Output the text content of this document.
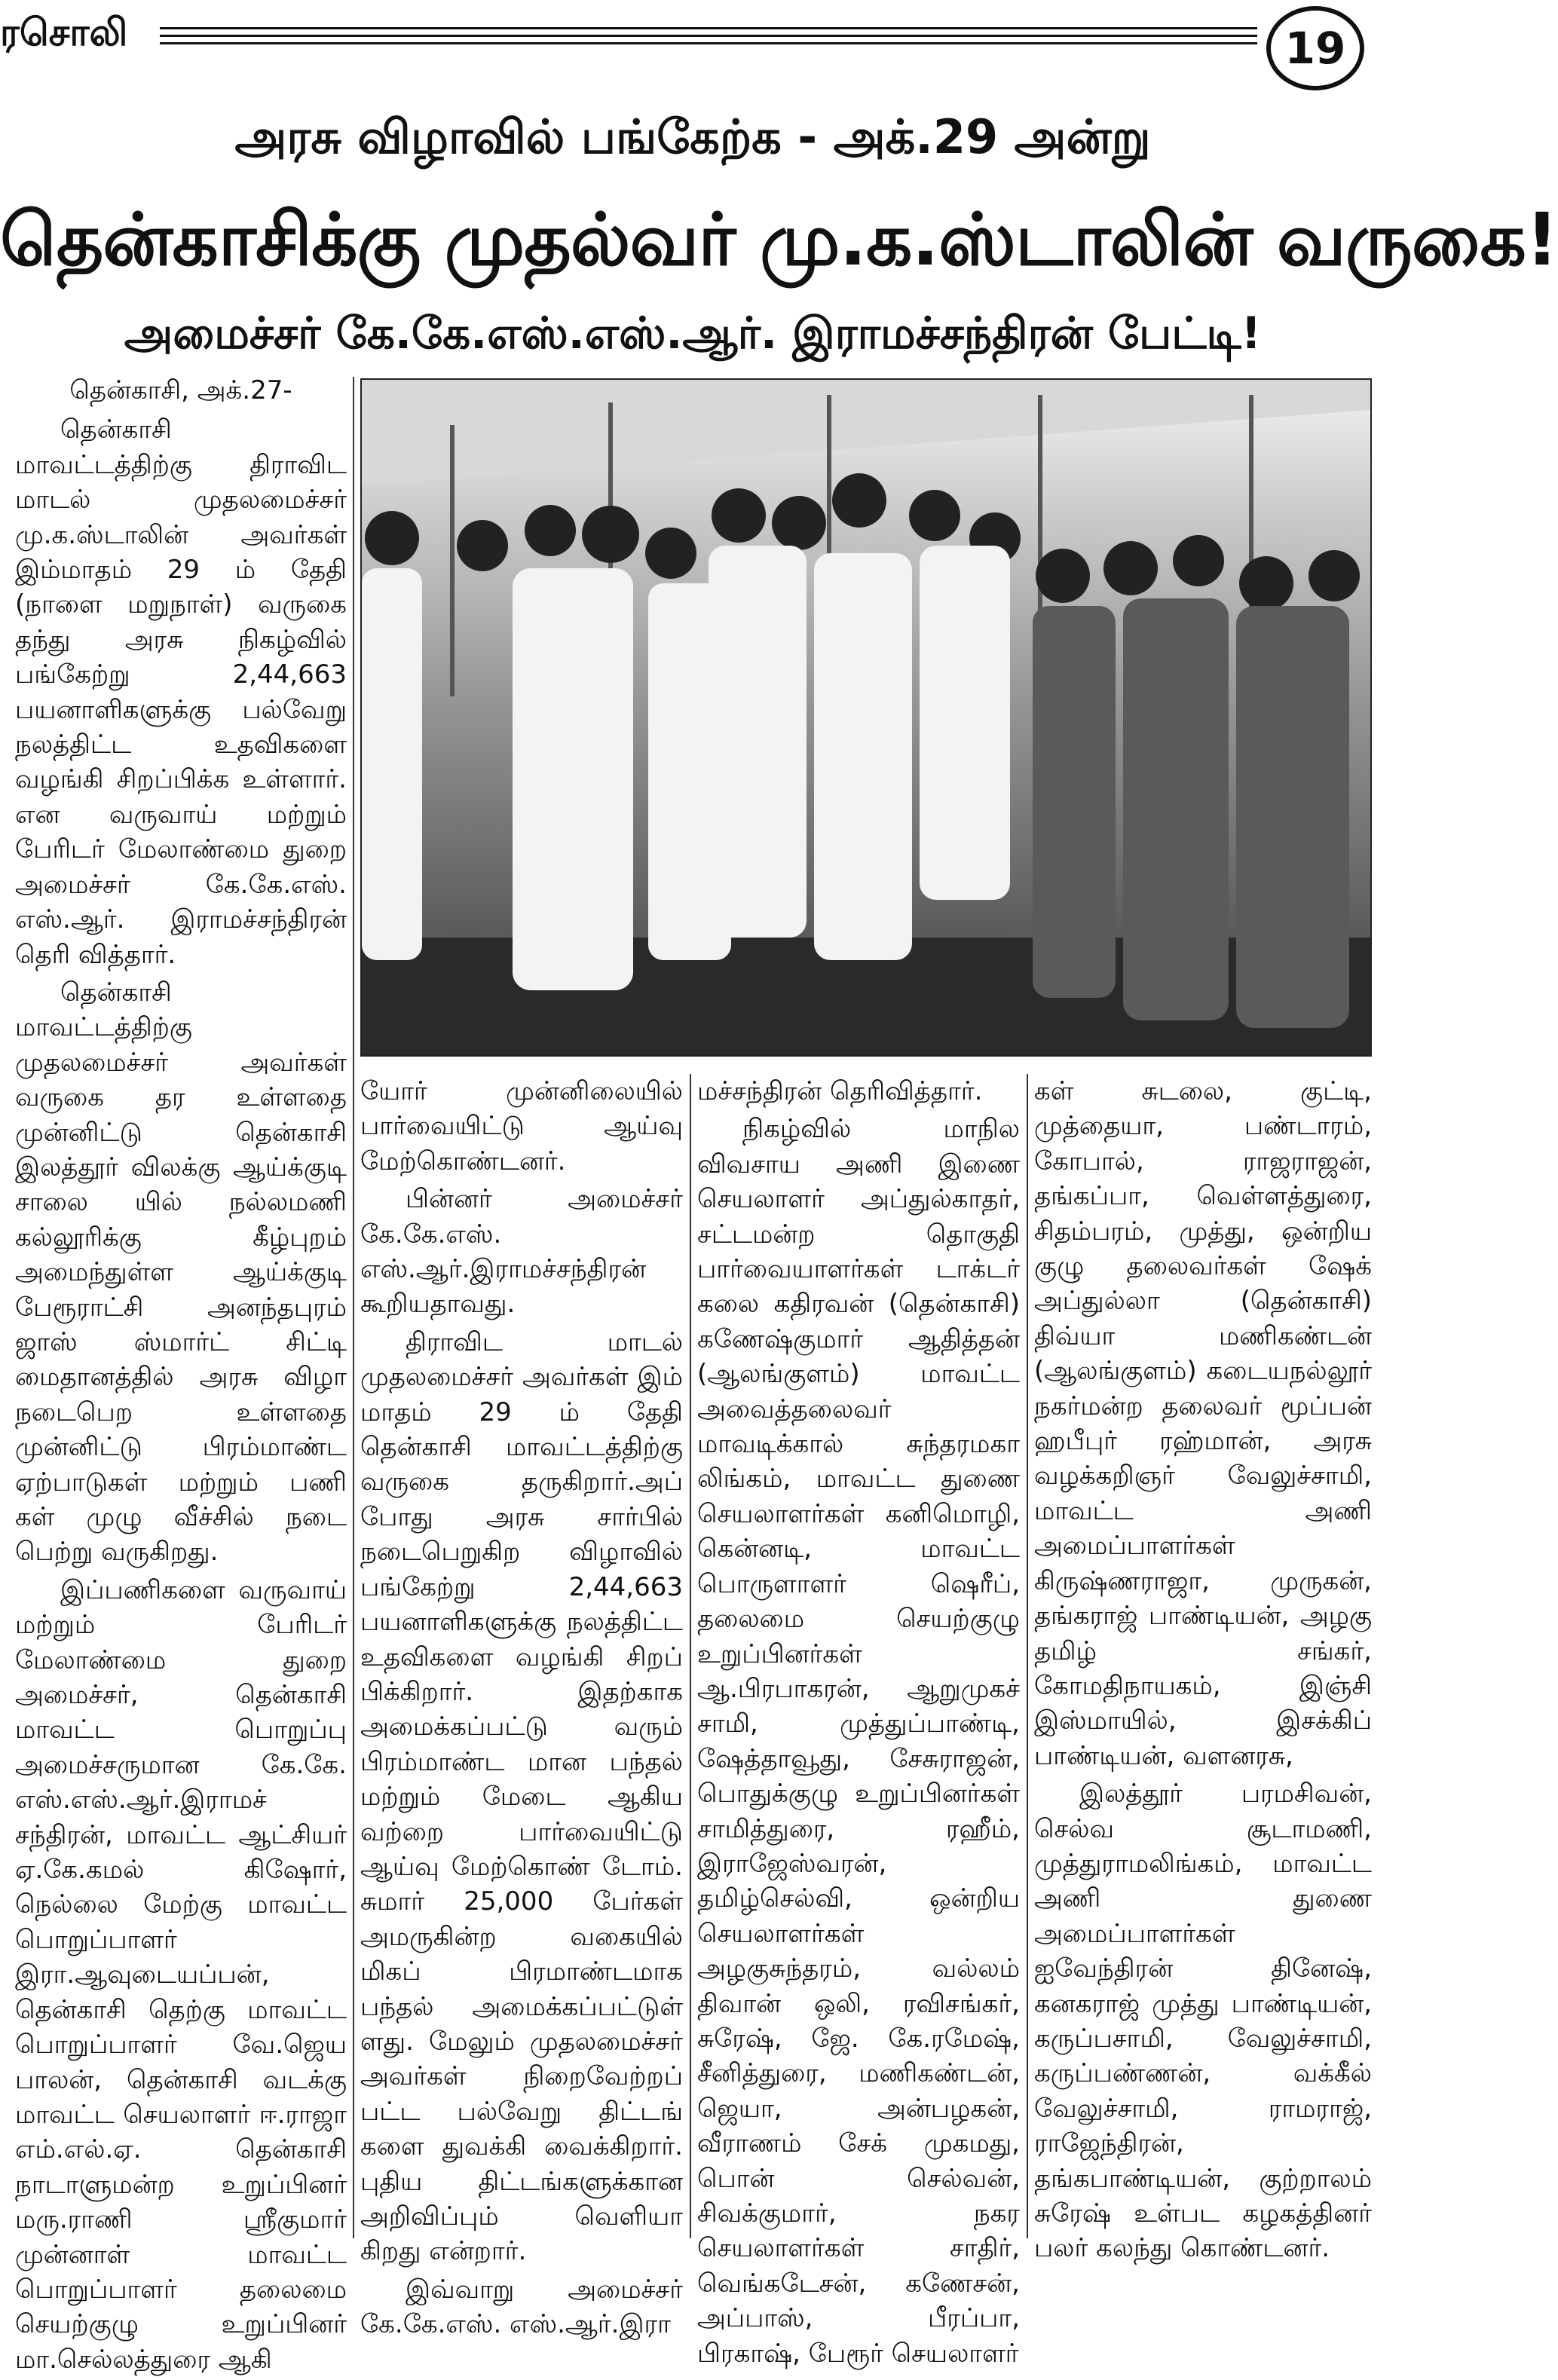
ரசொலி	19
அரசு விழாவில் பங்கேற்க - அக்.29 அன்று
தென்காசிக்கு முதல்வர் மு.க.ஸ்டாலின் வருகை!
அமைச்சர் கே.கே.எஸ்.எஸ்.ஆர். இராமச்சந்திரன் பேட்டி!
தென்காசி, அக்.27-

தென்காசி மாவட்டத்திற்கு திராவிட மாடல் முதலமைச்சர் மு.க.ஸ்டாலின் அவர்கள் இம்மாதம் 29 ம் தேதி (நாளை மறுநாள்) வருகை தந்து அரசு நிகழ்வில் பங்கேற்று 2,44,663 பயனாளிகளுக்கு பல்வேறு நலத்திட்ட உதவிகளை வழங்கி சிறப்பிக்க உள்ளார். என வருவாய் மற்றும் பேரிடர் மேலாண்மை துறை அமைச்சர் கே.கே.எஸ். எஸ்.ஆர். இராமச்சந்திரன் தெரி வித்தார்.

தென்காசி மாவட்டத்திற்கு முதலமைச்சர் அவர்கள் வருகை தர உள்ளதை முன்னிட்டு தென்காசி இலத்தூர் விலக்கு ஆய்க்குடி சாலை யில் நல்லமணி கல்லூரிக்கு கீழ்புறம் அமைந்துள்ள ஆய்க்குடி பேரூராட்சி அனந்தபுரம் ஜாஸ் ஸ்மார்ட் சிட்டி மைதானத்தில் அரசு விழா நடைபெற உள்ளதை முன்னிட்டு பிரம்மாண்ட ஏற்பாடுகள் மற்றும் பணி கள் முழு வீச்சில் நடை பெற்று வருகிறது.

இப்பணிகளை வருவாய் மற்றும் பேரிடர் மேலாண்மை துறை அமைச்சர், தென்காசி மாவட்ட பொறுப்பு அமைச்சருமான கே.கே. எஸ்.எஸ்.ஆர்.இராமச் சந்திரன், மாவட்ட ஆட்சியர் ஏ.கே.கமல் கிஷோர், நெல்லை மேற்கு மாவட்ட பொறுப்பாளர் இரா.ஆவுடையப்பன், தென்காசி தெற்கு மாவட்ட பொறுப்பாளர் வே.ஜெய பாலன், தென்காசி வடக்கு மாவட்ட செயலாளர் ஈ.ராஜா எம்.எல்.ஏ. தென்காசி நாடாளுமன்ற உறுப்பினர் மரு.ராணி ஸ்ரீகுமார் முன்னாள் மாவட்ட பொறுப்பாளர் தலைமை செயற்குழு உறுப்பினர் மா.செல்லத்துரை ஆகி

யோர் முன்னிலையில் பார்வையிட்டு ஆய்வு மேற்கொண்டனர்.

பின்னர் அமைச்சர் கே.கே.எஸ். எஸ்.ஆர்.இராமச்சந்திரன் கூறியதாவது.

திராவிட மாடல் முதலமைச்சர் அவர்கள் இம் மாதம் 29 ம் தேதி தென்காசி மாவட்டத்திற்கு வருகை தருகிறார்.அப் போது அரசு சார்பில் நடைபெறுகிற விழாவில் பங்கேற்று 2,44,663 பயனாளிகளுக்கு நலத்திட்ட உதவிகளை வழங்கி சிறப் பிக்கிறார். இதற்காக அமைக்கப்பட்டு வரும் பிரம்மாண்ட மான பந்தல் மற்றும் மேடை ஆகிய வற்றை பார்வையிட்டு ஆய்வு மேற்கொண் டோம். சுமார் 25,000 பேர்கள் அமருகின்ற வகையில் மிகப் பிரமாண்டமாக பந்தல் அமைக்கப்பட்டுள் ளது. மேலும் முதலமைச்சர் அவர்கள் நிறைவேற்றப் பட்ட பல்வேறு திட்டங் களை துவக்கி வைக்கிறார். புதிய திட்டங்களுக்கான அறிவிப்பும் வெளியா கிறது என்றார்.

இவ்வாறு அமைச்சர் கே.கே.எஸ். எஸ்.ஆர்.இரா

மச்சந்திரன் தெரிவித்தார்.

நிகழ்வில் மாநில விவசாய அணி இணை செயலாளர் அப்துல்காதர், சட்டமன்ற தொகுதி பார்வையாளர்கள் டாக்டர் கலை கதிரவன் (தென்காசி) கணேஷ்குமார் ஆதித்தன் (ஆலங்குளம்) மாவட்ட அவைத்தலைவர் மாவடிக்கால் சுந்தரமகா லிங்கம், மாவட்ட துணை செயலாளர்கள் கனிமொழி, கென்னடி, மாவட்ட பொருளாளர் ஷெரீப், தலைமை செயற்குழு உறுப்பினர்கள் ஆ.பிரபாகரன், ஆறுமுகச் சாமி, முத்துப்பாண்டி, ஷேத்தாவூது, சேசுராஜன், பொதுக்குழு உறுப்பினர்கள் சாமித்துரை, ரஹீம், இராஜேஸ்வரன், தமிழ்செல்வி, ஒன்றிய செயலாளர்கள் அழகுசுந்தரம், வல்லம் திவான் ஒலி, ரவிசங்கர், சுரேஷ், ஜே. கே.ரமேஷ், சீனித்துரை, மணிகண்டன், ஜெயா, அன்பழகன், வீராணம் சேக் முகமது, பொன் செல்வன், சிவக்குமார், நகர செயலாளர்கள் சாதிர், வெங்கடேசன், கணேசன், அப்பாஸ், பீரப்பா, பிரகாஷ், பேரூர் செயலாளர்

கள் சுடலை, குட்டி, முத்தையா, பண்டாரம், கோபால், ராஜராஜன், தங்கப்பா, வெள்ளத்துரை, சிதம்பரம், முத்து, ஒன்றிய குழு தலைவர்கள் ஷேக் அப்துல்லா (தென்காசி) திவ்யா மணிகண்டன் (ஆலங்குளம்) கடையநல்லூர் நகர்மன்ற தலைவர் மூப்பன் ஹபீபுர் ரஹ்மான், அரசு வழக்கறிஞர் வேலுச்சாமி, மாவட்ட அணி அமைப்பாளர்கள் கிருஷ்ணராஜா, முருகன், தங்கராஜ் பாண்டியன், அழகு தமிழ் சங்கர், கோமதிநாயகம், இஞ்சி இஸ்மாயில், இசக்கிப் பாண்டியன், வளனரசு,

இலத்தூர் பரமசிவன், செல்வ சூடாமணி, முத்துராமலிங்கம், மாவட்ட அணி துணை அமைப்பாளர்கள் ஐவேந்திரன் தினேஷ், கனகராஜ் முத்து பாண்டியன், கருப்பசாமி, வேலுச்சாமி, கருப்பண்ணன், வக்கீல் வேலுச்சாமி, ராமராஜ், ராஜேந்திரன், தங்கபாண்டியன், குற்றாலம் சுரேஷ் உள்பட கழகத்தினர் பலர் கலந்து கொண்டனர்.
